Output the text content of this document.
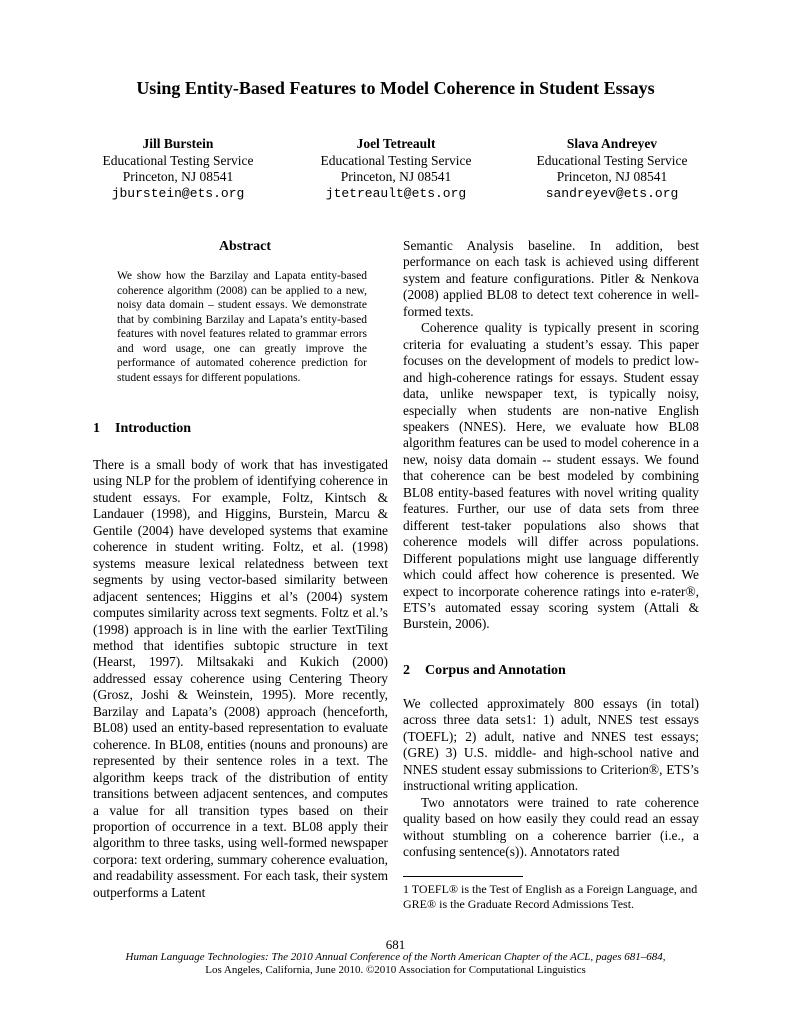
Using Entity-Based Features to Model Coherence in Student Essays
Jill Burstein
Educational Testing Service
Princeton, NJ 08541
jburstein@ets.org
Joel Tetreault
Educational Testing Service
Princeton, NJ 08541
jtetreault@ets.org
Slava Andreyev
Educational Testing Service
Princeton, NJ 08541
sandreyev@ets.org
Abstract
We show how the Barzilay and Lapata entity-based coherence algorithm (2008) can be applied to a new, noisy data domain – student essays. We demonstrate that by combining Barzilay and Lapata’s entity-based features with novel features related to grammar errors and word usage, one can greatly improve the performance of automated coherence prediction for student essays for different populations.
1 Introduction

There is a small body of work that has investigated using NLP for the problem of identifying coherence in student essays. For example, Foltz, Kintsch & Landauer (1998), and Higgins, Burstein, Marcu & Gentile (2004) have developed systems that examine coherence in student writing. Foltz, et al. (1998) systems measure lexical relatedness between text segments by using vector-based similarity between adjacent sentences; Higgins et al’s (2004) system computes similarity across text segments. Foltz et al.’s (1998) approach is in line with the earlier TextTiling method that identifies subtopic structure in text (Hearst, 1997). Miltsakaki and Kukich (2000) addressed essay coherence using Centering Theory (Grosz, Joshi & Weinstein, 1995). More recently, Barzilay and Lapata’s (2008) approach (henceforth, BL08) used an entity-based representation to evaluate coherence. In BL08, entities (nouns and pronouns) are represented by their sentence roles in a text. The algorithm keeps track of the distribution of entity transitions between adjacent sentences, and computes a value for all transition types based on their proportion of occurrence in a text. BL08 apply their algorithm to three tasks, using well-formed newspaper corpora: text ordering, summary coherence evaluation, and readability assessment. For each task, their system outperforms a Latent

Semantic Analysis baseline. In addition, best performance on each task is achieved using different system and feature configurations. Pitler & Nenkova (2008) applied BL08 to detect text coherence in well-formed texts.

Coherence quality is typically present in scoring criteria for evaluating a student’s essay. This paper focuses on the development of models to predict low-and high-coherence ratings for essays. Student essay data, unlike newspaper text, is typically noisy, especially when students are non-native English speakers (NNES). Here, we evaluate how BL08 algorithm features can be used to model coherence in a new, noisy data domain -- student essays. We found that coherence can be best modeled by combining BL08 entity-based features with novel writing quality features. Further, our use of data sets from three different test-taker populations also shows that coherence models will differ across populations. Different populations might use language differently which could affect how coherence is presented. We expect to incorporate coherence ratings into e-rater®, ETS’s automated essay scoring system (Attali & Burstein, 2006).

2 Corpus and Annotation

We collected approximately 800 essays (in total) across three data sets1: 1) adult, NNES test essays (TOEFL); 2) adult, native and NNES test essays; (GRE) 3) U.S. middle- and high-school native and NNES student essay submissions to Criterion®, ETS’s instructional writing application.

Two annotators were trained to rate coherence quality based on how easily they could read an essay without stumbling on a coherence barrier (i.e., a confusing sentence(s)). Annotators rated

1 TOEFL® is the Test of English as a Foreign Language, and GRE® is the Graduate Record Admissions Test.
681
Human Language Technologies: The 2010 Annual Conference of the North American Chapter of the ACL, pages 681–684,
Los Angeles, California, June 2010. ©2010 Association for Computational Linguistics
